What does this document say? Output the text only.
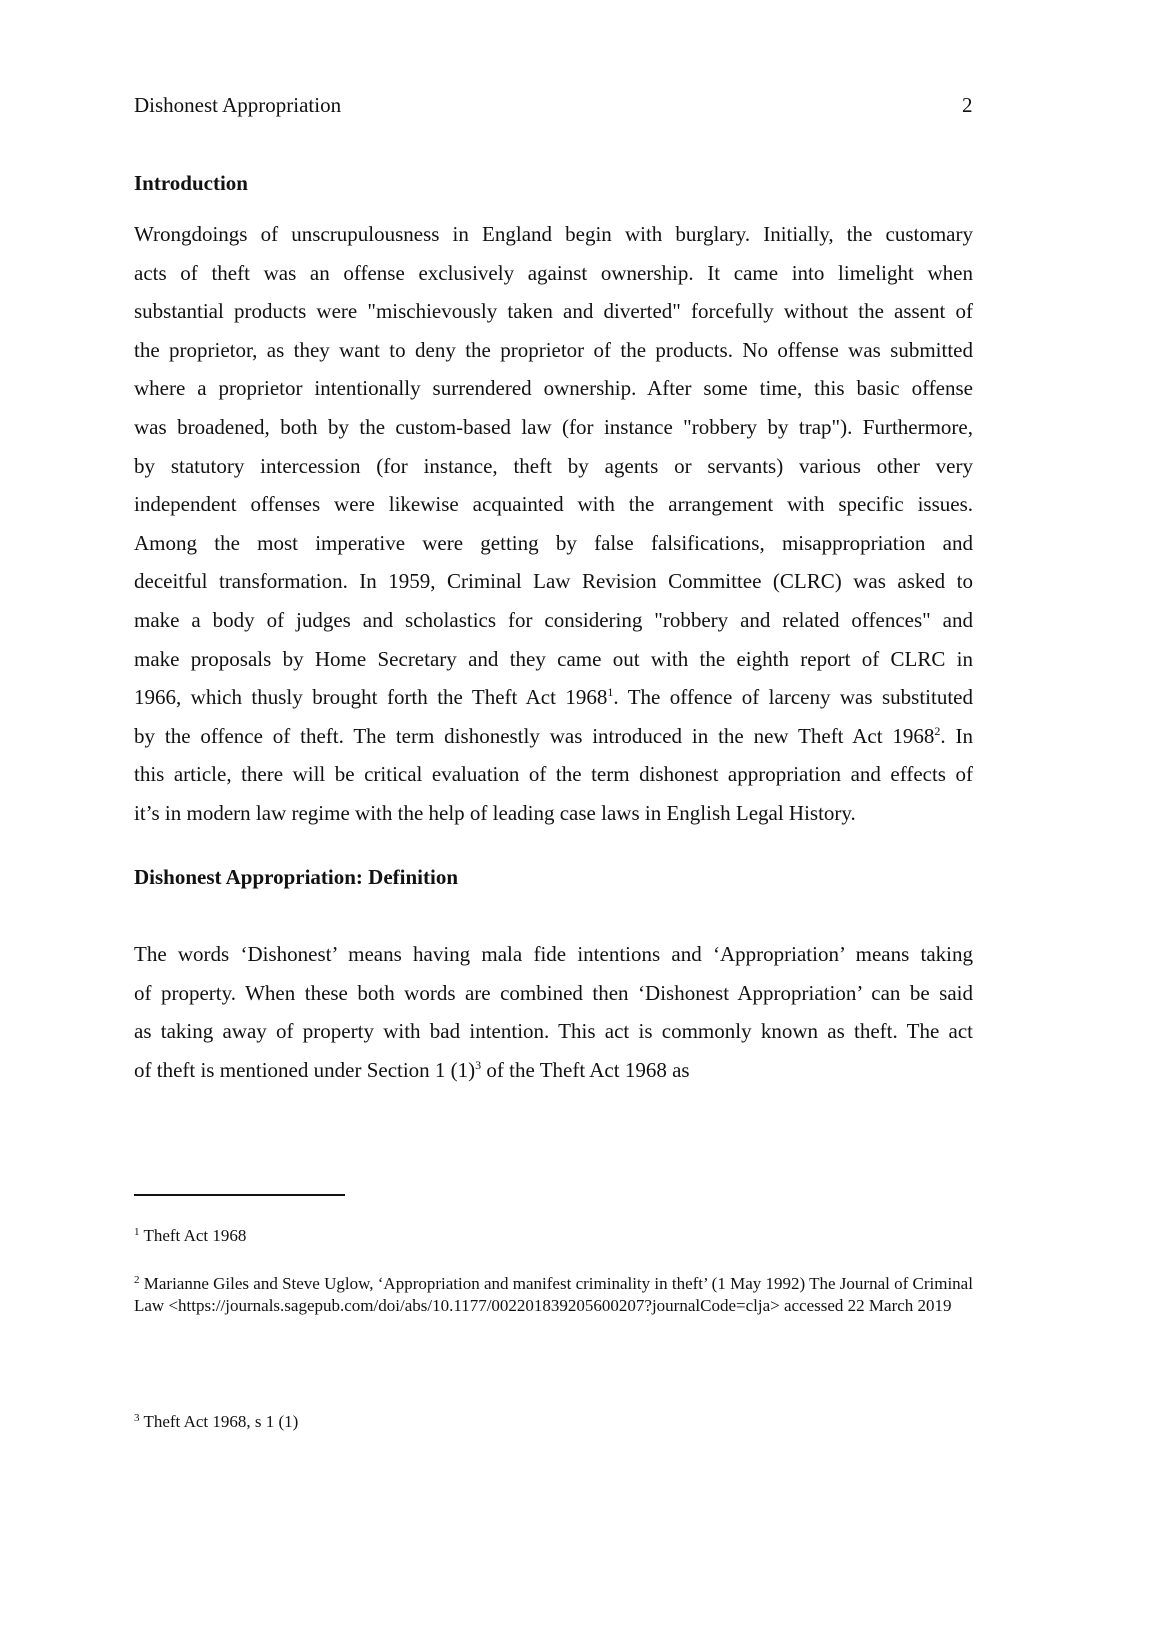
Dishonest Appropriation	2
Introduction
Wrongdoings of unscrupulousness in England begin with burglary. Initially, the customary
acts of theft was an offense exclusively against ownership. It came into limelight when
substantial products were "mischievously taken and diverted" forcefully without the assent of
the proprietor, as they want to deny the proprietor of the products. No offense was submitted
where a proprietor intentionally surrendered ownership. After some time, this basic offense
was broadened, both by the custom-based law (for instance "robbery by trap"). Furthermore,
by statutory intercession (for instance, theft by agents or servants) various other very
independent offenses were likewise acquainted with the arrangement with specific issues.
Among the most imperative were getting by false falsifications, misappropriation and
deceitful transformation. In 1959, Criminal Law Revision Committee (CLRC) was asked to
make a body of judges and scholastics for considering "robbery and related offences" and
make proposals by Home Secretary and they came out with the eighth report of CLRC in
1966, which thusly brought forth the Theft Act 1968$^1$. The offence of larceny was substituted
by the offence of theft. The term dishonestly was introduced in the new Theft Act 1968$^2$. In
this article, there will be critical evaluation of the term dishonest appropriation and effects of
it’s in modern law regime with the help of leading case laws in English Legal History.
Dishonest Appropriation: Definition
The words ‘Dishonest’ means having mala fide intentions and ‘Appropriation’ means taking
of property. When these both words are combined then ‘Dishonest Appropriation’ can be said
as taking away of property with bad intention. This act is commonly known as theft. The act
of theft is mentioned under Section 1 $(1)^3$ of the Theft Act 1968 as
$^1$ Theft Act 1968
$^2$ Marianne Giles and Steve Uglow, ‘Appropriation and manifest criminality in theft’ (1 May 1992) The Journal of Criminal Law <https://journals.sagepub.com/doi/abs/10.1177/002201839205600207?journalCode=clja> accessed 22 March 2019
$^3$ Theft Act 1968, s 1 (1)
